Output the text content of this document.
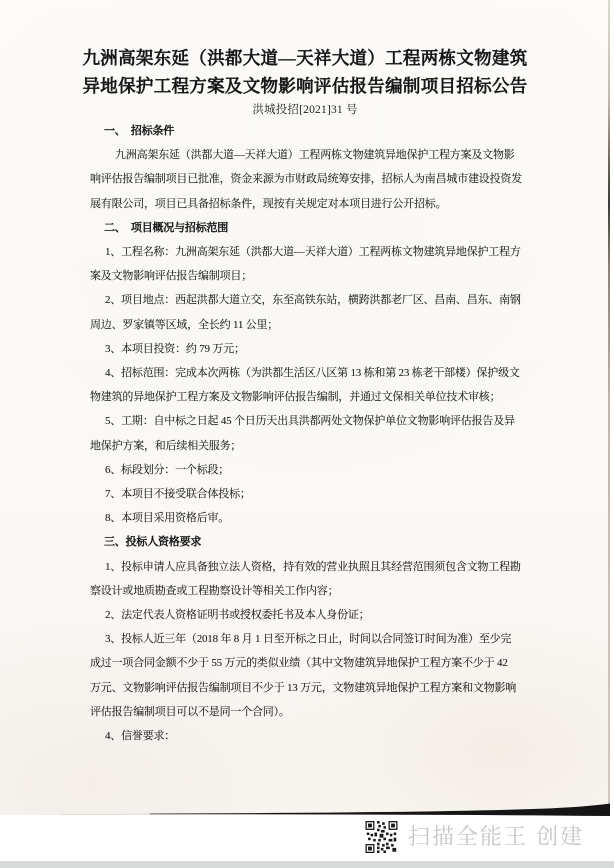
九洲高架东延（洪都大道—天祥大道）工程两栋文物建筑
异地保护工程方案及文物影响评估报告编制项目招标公告
洪城投招[2021]31 号
一、　招标条件
九洲高架东延（洪都大道—天祥大道）工程两栋文物建筑异地保护工程方案及文物影
响评估报告编制项目已批准，资金来源为市财政局统筹安排，招标人为南昌城市建设投资发
展有限公司，项目已具备招标条件，现按有关规定对本项目进行公开招标。
二、　项目概况与招标范围
1、工程名称：九洲高架东延（洪都大道—天祥大道）工程两栋文物建筑异地保护工程方
案及文物影响评估报告编制项目；
2、项目地点：西起洪都大道立交，东至高铁东站，横跨洪都老厂区、昌南、昌东、南钢
周边、罗家镇等区域，全长约 11 公里；
3、本项目投资：约 79 万元；
4、招标范围：完成本次两栋（为洪都生活区八区第 13 栋和第 23 栋老干部楼）保护级文
物建筑的异地保护工程方案及文物影响评估报告编制，并通过文保相关单位技术审核；
5、工期：自中标之日起 45 个日历天出具洪都两处文物保护单位文物影响评估报告及异
地保护方案，和后续相关服务；
6、标段划分：一个标段；
7、本项目不接受联合体投标；
8、本项目采用资格后审。
三、投标人资格要求
1、投标申请人应具备独立法人资格，持有效的营业执照且其经营范围须包含文物工程勘
察设计或地质勘查或工程勘察设计等相关工作内容；
2、法定代表人资格证明书或授权委托书及本人身份证；
3、投标人近三年（2018 年 8 月 1 日至开标之日止，时间以合同签订时间为准）至少完
成过一项合同金额不少于 55 万元的类似业绩（其中文物建筑异地保护工程方案不少于 42
万元、文物影响评估报告编制项目不少于 13 万元，文物建筑异地保护工程方案和文物影响
评估报告编制项目可以不是同一个合同）。
4、信誉要求：
扫描全能王 创建
